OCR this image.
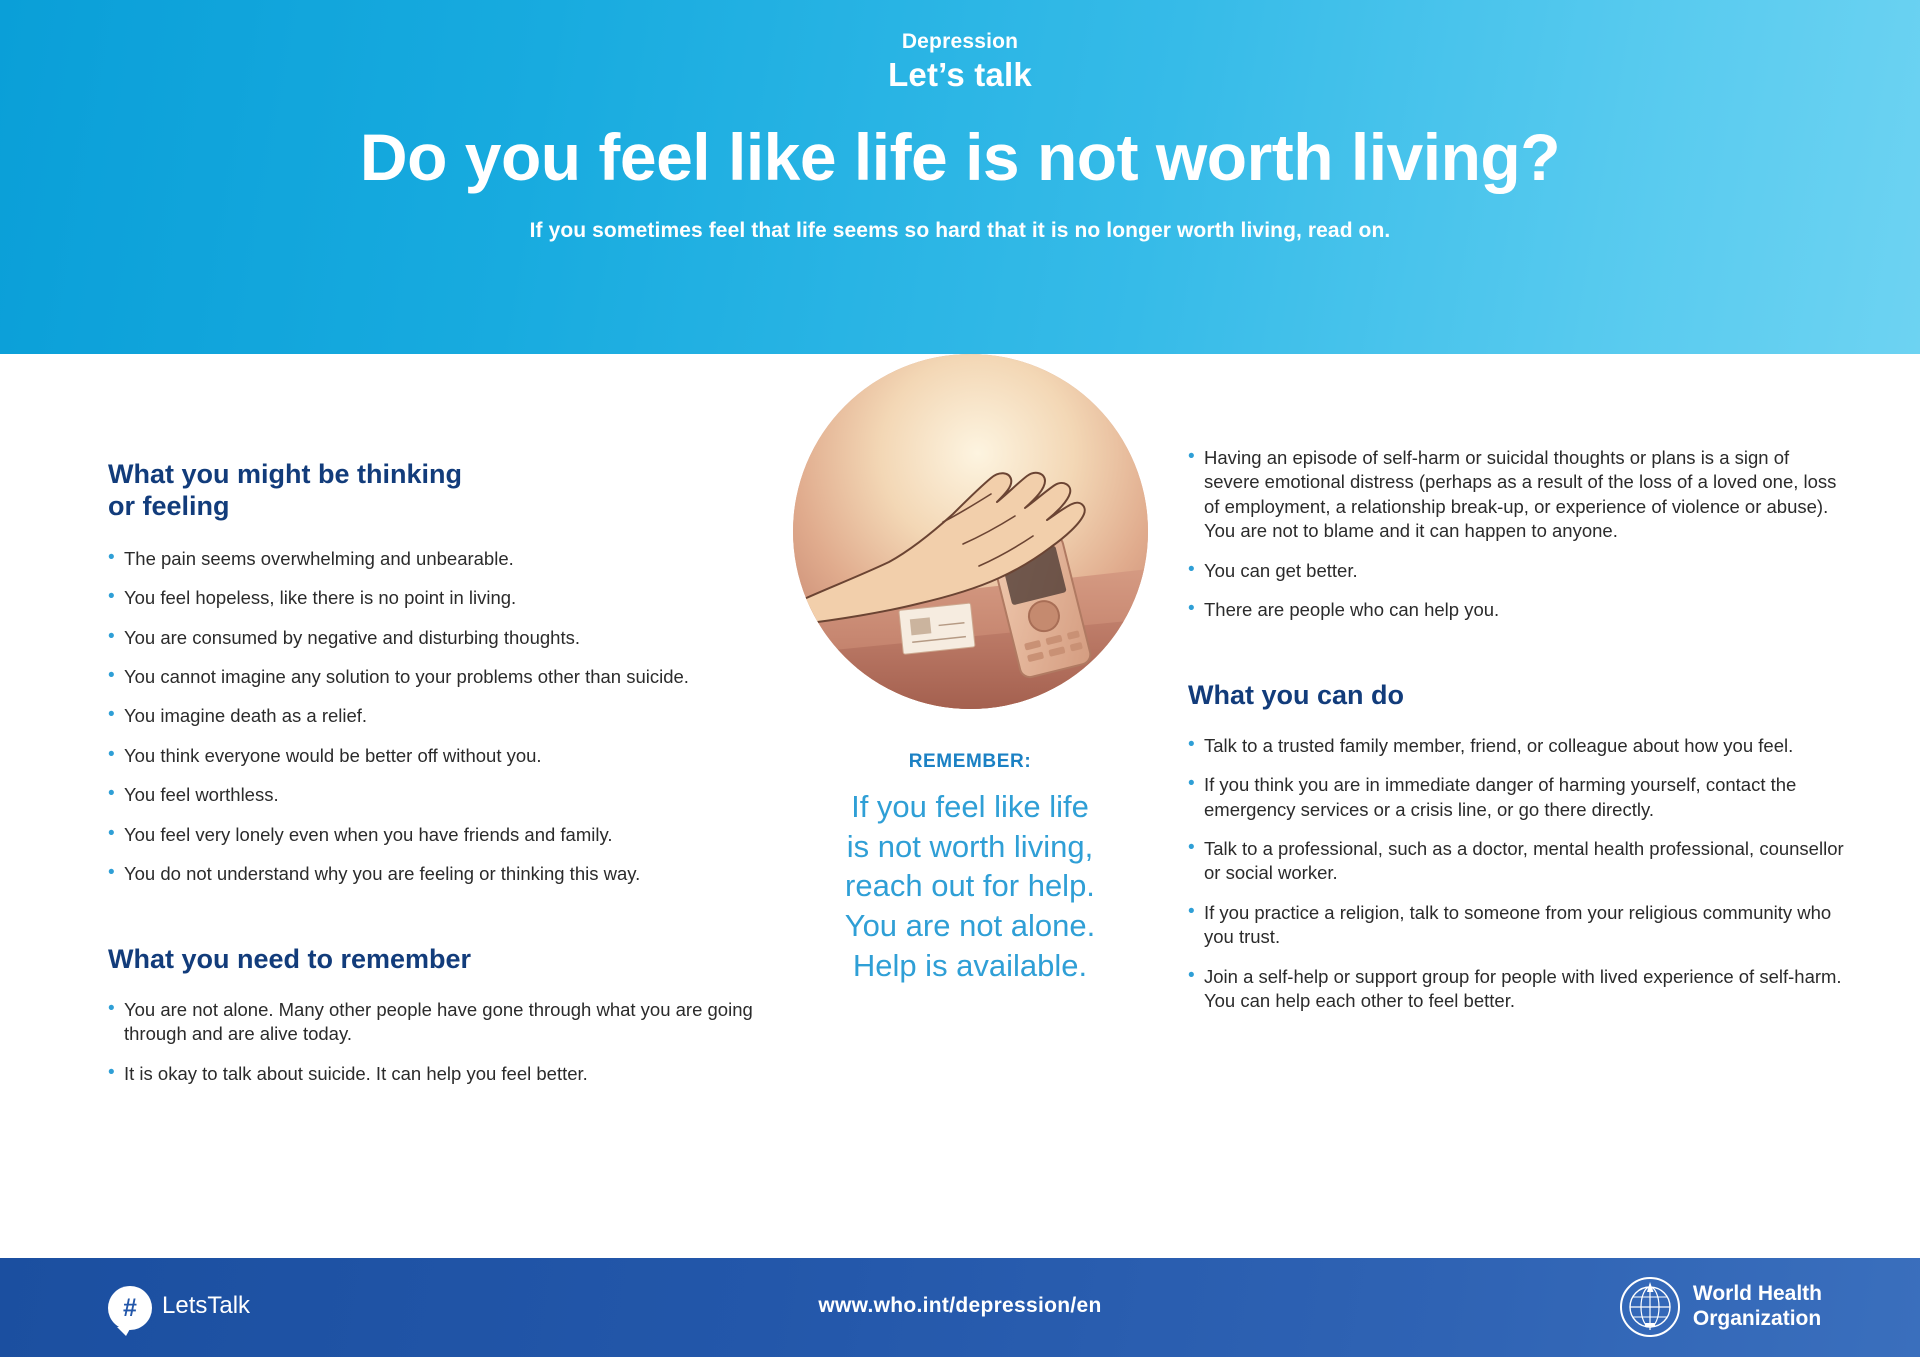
Depression
Let’s talk
Do you feel like life is not worth living?
If you sometimes feel that life seems so hard that it is no longer worth living, read on.
What you might be thinking
or feeling
• The pain seems overwhelming and unbearable.
• You feel hopeless, like there is no point in living.
• You are consumed by negative and disturbing thoughts.
• You cannot imagine any solution to your problems other than suicide.
• You imagine death as a relief.
• You think everyone would be better off without you.
• You feel worthless.
• You feel very lonely even when you have friends and family.
• You do not understand why you are feeling or thinking this way.
What you need to remember
• You are not alone. Many other people have gone through what you are going through and are alive today.
• It is okay to talk about suicide. It can help you feel better.
REMEMBER:
If you feel like life
is not worth living,
reach out for help.
You are not alone.
Help is available.
• Having an episode of self-harm or suicidal thoughts or plans is a sign of severe emotional distress (perhaps as a result of the loss of a loved one, loss of employment, a relationship break-up, or experience of violence or abuse). You are not to blame and it can happen to anyone.
• You can get better.
• There are people who can help you.
What you can do
• Talk to a trusted family member, friend, or colleague about how you feel.
• If you think you are in immediate danger of harming yourself, contact the emergency services or a crisis line, or go there directly.
• Talk to a professional, such as a doctor, mental health professional, counsellor or social worker.
• If you practice a religion, talk to someone from your religious community who you trust.
• Join a self-help or support group for people with lived experience of self-harm. You can help each other to feel better.
#	LetsTalk	www.who.int/depression/en
World Health
Organization
